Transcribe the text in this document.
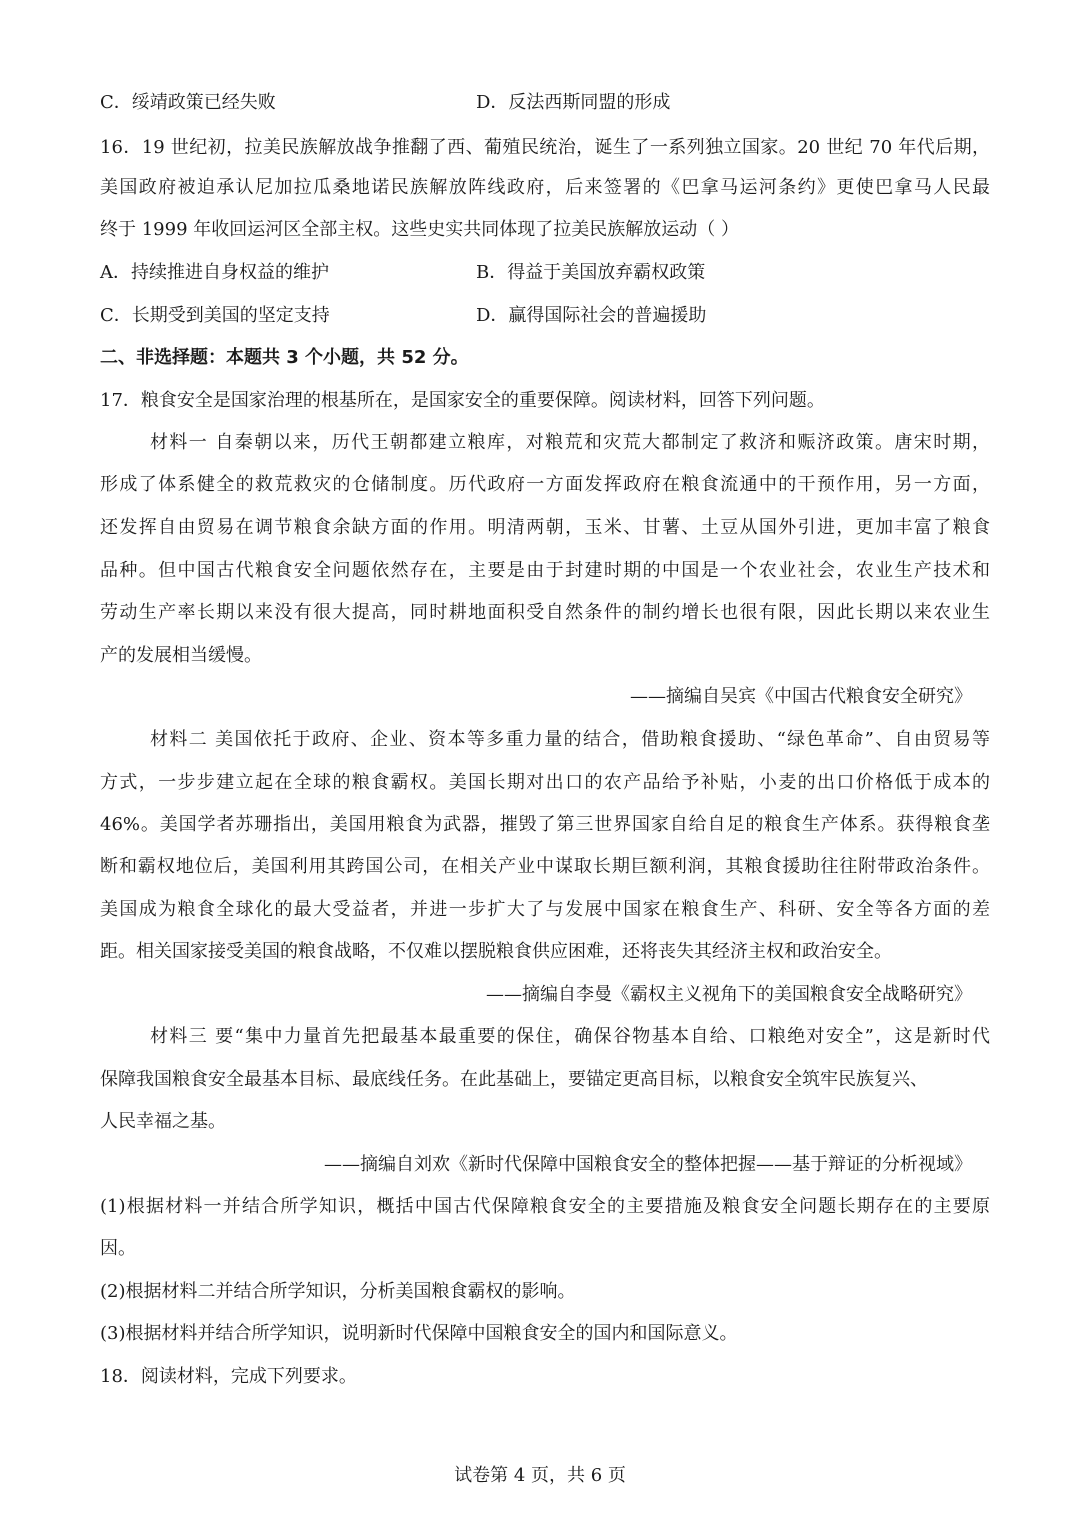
C．绥靖政策已经失败	D．反法西斯同盟的形成
16．19 世纪初，拉美民族解放战争推翻了西、葡殖民统治，诞生了一系列独立国家。20 世纪 70 年代后期，
美国政府被迫承认尼加拉瓜桑地诺民族解放阵线政府，后来签署的《巴拿马运河条约》更使巴拿马人民最
终于 1999 年收回运河区全部主权。这些史实共同体现了拉美民族解放运动（ ）
A．持续推进自身权益的维护	B．得益于美国放弃霸权政策
C．长期受到美国的坚定支持	D．赢得国际社会的普遍援助
二、非选择题：本题共 3 个小题，共 52 分。
17．粮食安全是国家治理的根基所在，是国家安全的重要保障。阅读材料，回答下列问题。
材料一 自秦朝以来，历代王朝都建立粮库，对粮荒和灾荒大都制定了救济和赈济政策。唐宋时期，
形成了体系健全的救荒救灾的仓储制度。历代政府一方面发挥政府在粮食流通中的干预作用，另一方面，
还发挥自由贸易在调节粮食余缺方面的作用。明清两朝，玉米、甘薯、土豆从国外引进，更加丰富了粮食
品种。但中国古代粮食安全问题依然存在，主要是由于封建时期的中国是一个农业社会，农业生产技术和
劳动生产率长期以来没有很大提高，同时耕地面积受自然条件的制约增长也很有限，因此长期以来农业生
产的发展相当缓慢。
——摘编自吴宾《中国古代粮食安全研究》
材料二 美国依托于政府、企业、资本等多重力量的结合，借助粮食援助、“绿色革命”、自由贸易等
方式，一步步建立起在全球的粮食霸权。美国长期对出口的农产品给予补贴，小麦的出口价格低于成本的
46%。美国学者苏珊指出，美国用粮食为武器，摧毁了第三世界国家自给自足的粮食生产体系。获得粮食垄
断和霸权地位后，美国利用其跨国公司，在相关产业中谋取长期巨额利润，其粮食援助往往附带政治条件。
美国成为粮食全球化的最大受益者，并进一步扩大了与发展中国家在粮食生产、科研、安全等各方面的差
距。相关国家接受美国的粮食战略，不仅难以摆脱粮食供应困难，还将丧失其经济主权和政治安全。
——摘编自李曼《霸权主义视角下的美国粮食安全战略研究》
材料三 要“集中力量首先把最基本最重要的保住，确保谷物基本自给、口粮绝对安全”，这是新时代
保障我国粮食安全最基本目标、最底线任务。在此基础上，要锚定更高目标，以粮食安全筑牢民族复兴、
人民幸福之基。
——摘编自刘欢《新时代保障中国粮食安全的整体把握——基于辩证的分析视域》
(1)根据材料一并结合所学知识，概括中国古代保障粮食安全的主要措施及粮食安全问题长期存在的主要原
因。
(2)根据材料二并结合所学知识，分析美国粮食霸权的影响。
(3)根据材料并结合所学知识，说明新时代保障中国粮食安全的国内和国际意义。
18．阅读材料，完成下列要求。
试卷第 4 页，共 6 页
